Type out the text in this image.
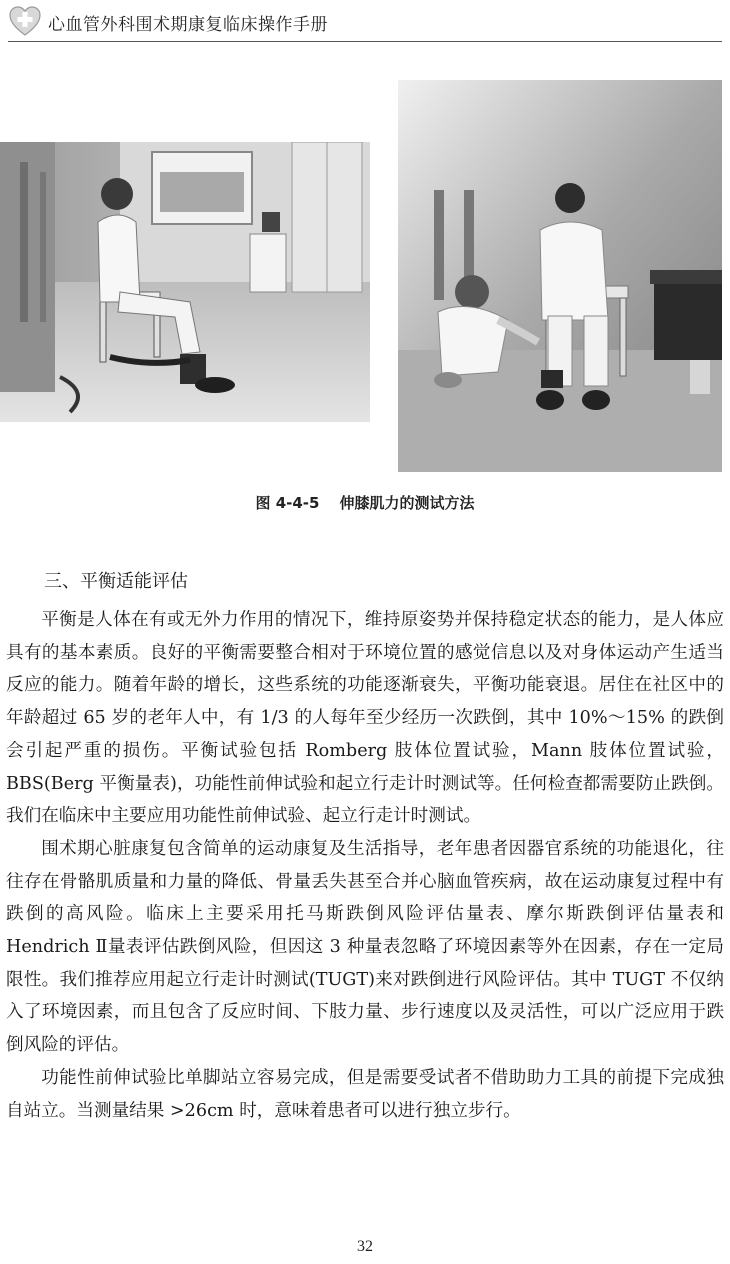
心血管外科围术期康复临床操作手册
图 4-4-5 伸膝肌力的测试方法
三、平衡适能评估

平衡是人体在有或无外力作用的情况下，维持原姿势并保持稳定状态的能力，是人体应具有的基本素质。良好的平衡需要整合相对于环境位置的感觉信息以及对身体运动产生适当反应的能力。随着年龄的增长，这些系统的功能逐渐衰失，平衡功能衰退。居住在社区中的年龄超过 65 岁的老年人中，有 1/3 的人每年至少经历一次跌倒，其中 10%～15% 的跌倒会引起严重的损伤。平衡试验包括 Romberg 肢体位置试验，Mann 肢体位置试验，BBS(Berg 平衡量表)，功能性前伸试验和起立行走计时测试等。任何检查都需要防止跌倒。我们在临床中主要应用功能性前伸试验、起立行走计时测试。

围术期心脏康复包含简单的运动康复及生活指导，老年患者因器官系统的功能退化，往往存在骨骼肌质量和力量的降低、骨量丢失甚至合并心脑血管疾病，故在运动康复过程中有跌倒的高风险。临床上主要采用托马斯跌倒风险评估量表、摩尔斯跌倒评估量表和 Hendrich Ⅱ量表评估跌倒风险，但因这 3 种量表忽略了环境因素等外在因素，存在一定局限性。我们推荐应用起立行走计时测试(TUGT)来对跌倒进行风险评估。其中 TUGT 不仅纳入了环境因素，而且包含了反应时间、下肢力量、步行速度以及灵活性，可以广泛应用于跌倒风险的评估。

功能性前伸试验比单脚站立容易完成，但是需要受试者不借助助力工具的前提下完成独自站立。当测量结果 >26cm 时，意味着患者可以进行独立步行。

32
